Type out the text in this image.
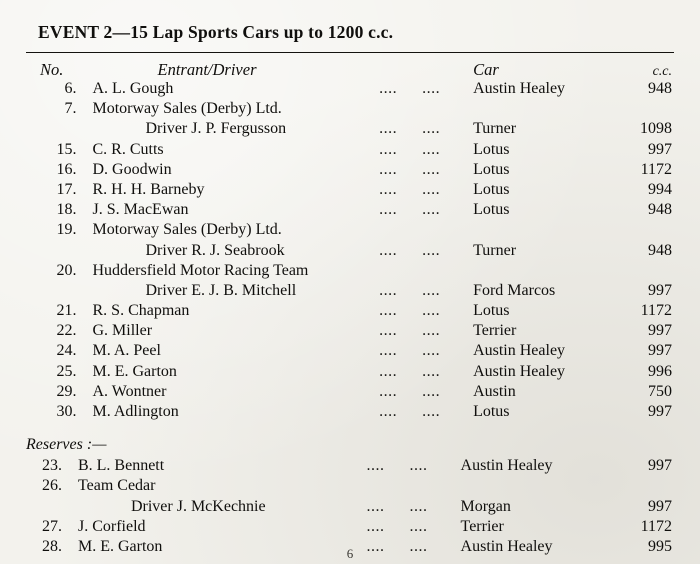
EVENT 2—15 Lap Sports Cars up to 1200 c.c.
No.	Entrant/Driver		Car	c.c.
6.	A. L. Gough	.... ....	Austin Healey	948
7.	Motorway Sales (Derby) Ltd.			
	Driver J. P. Fergusson	.... ....	Turner	1098
15.	C. R. Cutts	.... ....	Lotus	997
16.	D. Goodwin	.... ....	Lotus	1172
17.	R. H. H. Barneby	.... ....	Lotus	994
18.	J. S. MacEwan	.... ....	Lotus	948
19.	Motorway Sales (Derby) Ltd.			
	Driver R. J. Seabrook	.... ....	Turner	948
20.	Huddersfield Motor Racing Team			
	Driver E. J. B. Mitchell	.... ....	Ford Marcos	997
21.	R. S. Chapman	.... ....	Lotus	1172
22.	G. Miller	.... ....	Terrier	997
24.	M. A. Peel	.... ....	Austin Healey	997
25.	M. E. Garton	.... ....	Austin Healey	996
29.	A. Wontner	.... ....	Austin	750
30.	M. Adlington	.... ....	Lotus	997
Reserves :—
23.	B. L. Bennett	.... ....	Austin Healey	997
26.	Team Cedar			
	Driver J. McKechnie	.... ....	Morgan	997
27.	J. Corfield	.... ....	Terrier	1172
28.	M. E. Garton	.... ....	Austin Healey	995
6
